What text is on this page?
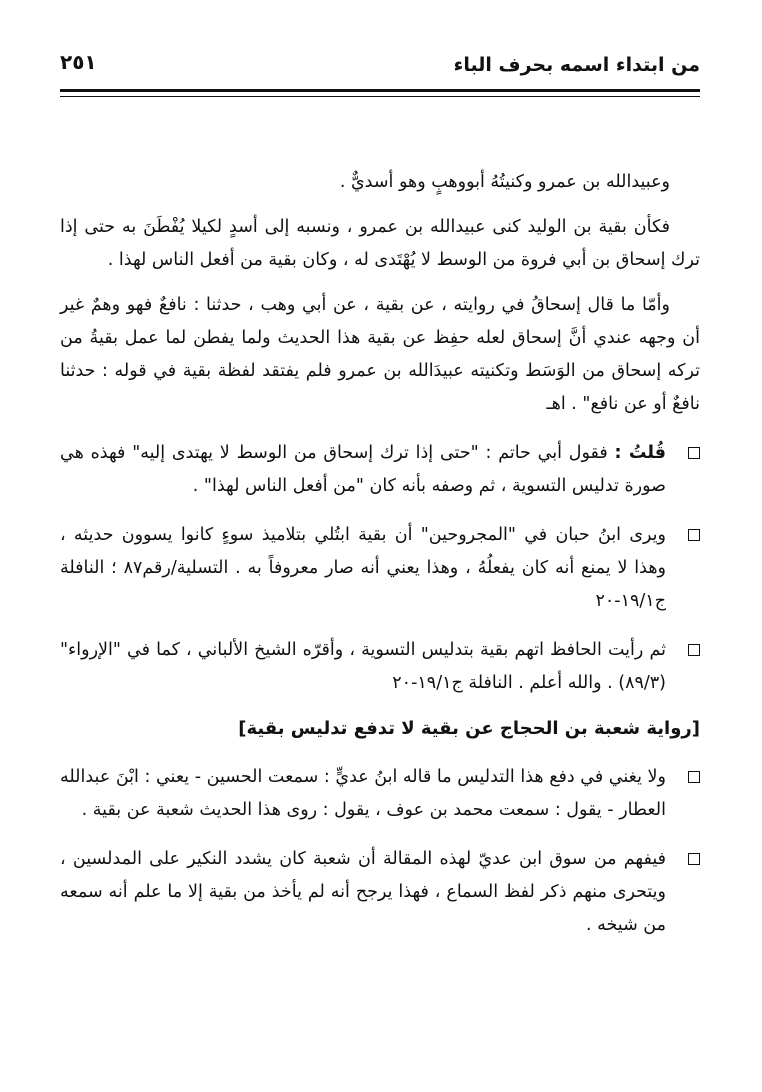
من ابتداء اسمه بحرف الباء
٢٥١

وعبيدالله بن عمرو وكنيتُهُ أبووهبٍ وهو أسديٌّ .

فكأن بقية بن الوليد كنى عبيدالله بن عمرو ، ونسبه إلى أسدٍ لكيلا يُفْطَنَ به حتى إذا ترك إسحاق بن أبي فروة من الوسط لا يُهْتَدى له ، وكان بقية من أفعل الناس لهذا .

وأمّا ما قال إسحاقُ في روايته ، عن بقية ، عن أبي وهب ، حدثنا : نافعٌ فهو وهمٌ غير أن وجهه عندي أنَّ إسحاق لعله حفِظ عن بقية هذا الحديث ولما يفطن لما عمل بقيةُ من تركه إسحاق من الوَسَط وتكنيته عبيدَالله بن عمرو فلم يفتقد لفظة بقية في قوله : حدثنا نافعٌ أو عن نافع" . اهـ

قُلتُ : فقول أبي حاتم : "حتى إذا ترك إسحاق من الوسط لا يهتدى إليه" فهذه هي صورة تدليس التسوية ، ثم وصفه بأنه كان "من أفعل الناس لهذا" .
ويرى ابنُ حبان في "المجروحين" أن بقية ابتُلي بتلاميذ سوءٍ كانوا يسوون حديثه ، وهذا لا يمنع أنه كان يفعلُهُ ، وهذا يعني أنه صار معروفاً به . التسلية/رقم٨٧ ؛ النافلة ج١٩/١-٢٠
ثم رأيت الحافظ اتهم بقية بتدليس التسوية ، وأقرّه الشيخ الألباني ، كما في "الإرواء" (٨٩/٣) . والله أعلم . النافلة ج١٩/١-٢٠

[رواية شعبة بن الحجاج عن بقية لا تدفع تدليس بقية]

ولا يغني في دفع هذا التدليس ما قاله ابنُ عديٍّ : سمعت الحسين - يعني : ابْنَ عبدالله العطار - يقول : سمعت محمد بن عوف ، يقول : روى هذا الحديث شعبة عن بقية .
فيفهم من سوق ابن عديّ لهذه المقالة أن شعبة كان يشدد النكير على المدلسين ، ويتحرى منهم ذكر لفظ السماع ، فهذا يرجح أنه لم يأخذ من بقية إلا ما علم أنه سمعه من شيخه .
